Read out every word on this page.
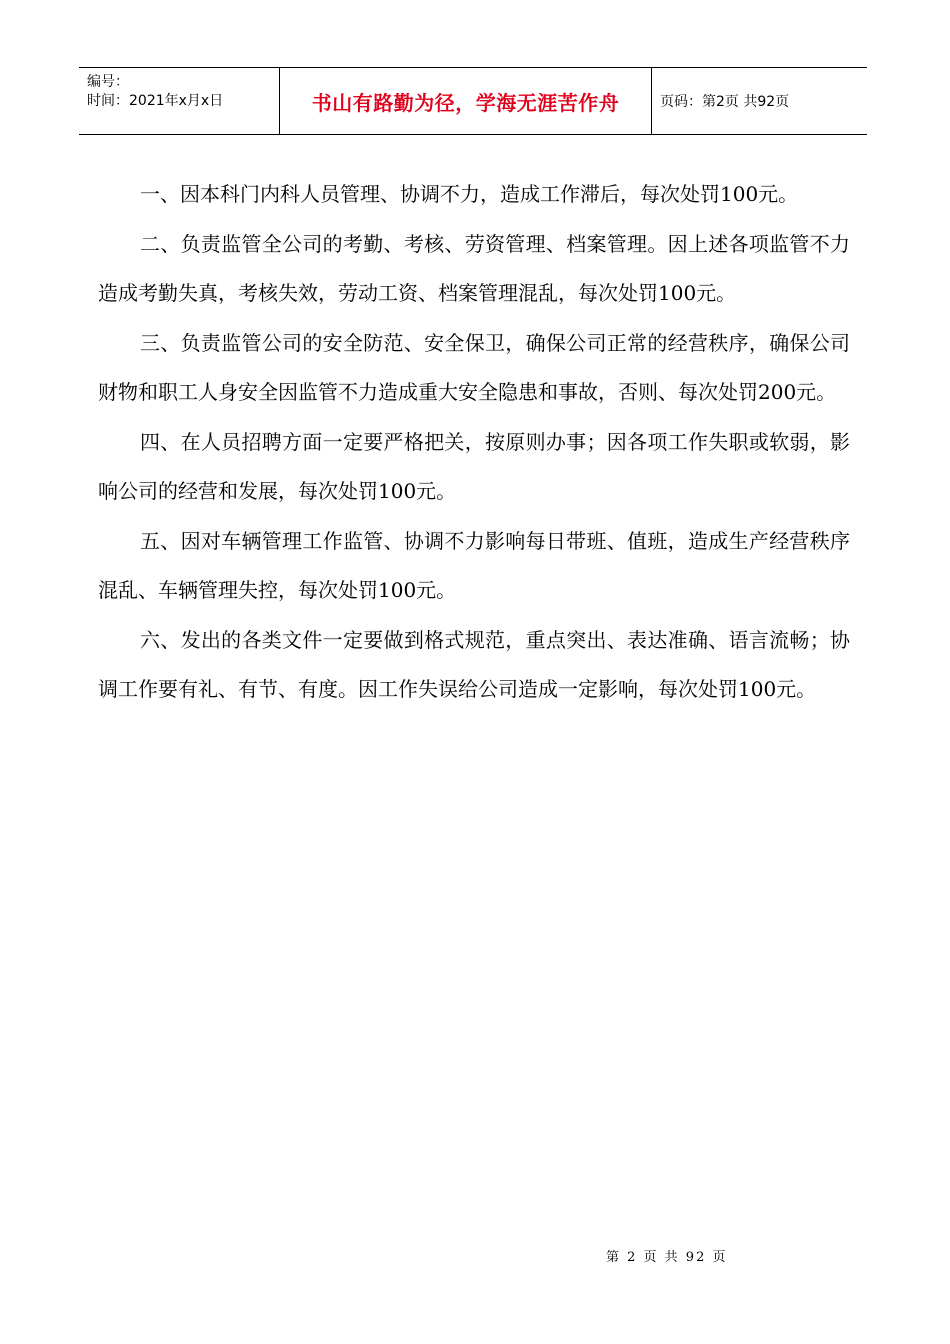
编号：
时间：2021年x月x日	书山有路勤为径，学海无涯苦作舟	页码：第2页 共92页

一、因本科门内科人员管理、协调不力，造成工作滞后，每次处罚100元。

二、负责监管全公司的考勤、考核、劳资管理、档案管理。因上述各项监管不力造成考勤失真，考核失效，劳动工资、档案管理混乱，每次处罚100元。

三、负责监管公司的安全防范、安全保卫，确保公司正常的经营秩序，确保公司财物和职工人身安全因监管不力造成重大安全隐患和事故，否则、每次处罚200元。

四、在人员招聘方面一定要严格把关，按原则办事；因各项工作失职或软弱，影响公司的经营和发展，每次处罚100元。

五、因对车辆管理工作监管、协调不力影响每日带班、值班，造成生产经营秩序混乱、车辆管理失控，每次处罚100元。

六、发出的各类文件一定要做到格式规范，重点突出、表达准确、语言流畅；协调工作要有礼、有节、有度。因工作失误给公司造成一定影响，每次处罚100元。

第 2 页 共 92 页
